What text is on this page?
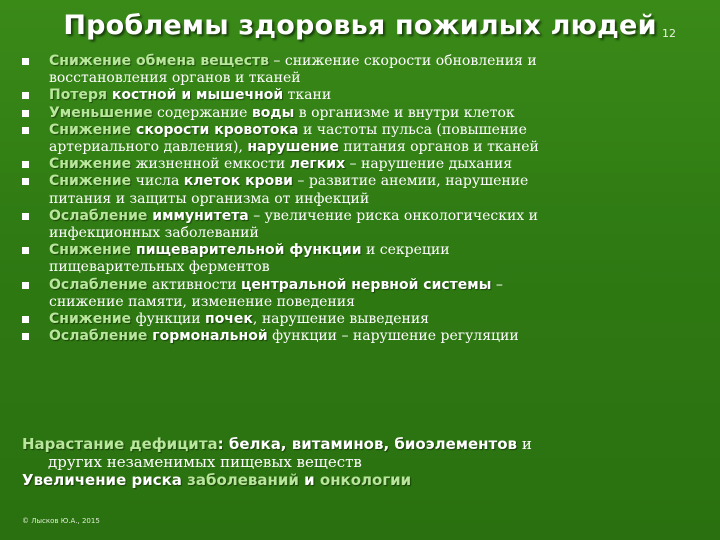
Проблемы здоровья пожилых людей 12
Снижение обмена веществ – снижение скорости обновления и
восстановления органов и тканей
Потеря костной и мышечной ткани
Уменьшение содержание воды в организме и внутри клеток
Снижение скорости кровотока и частоты пульса (повышение
артериального давления), нарушение питания органов и тканей
Снижение жизненной емкости легких – нарушение дыхания
Снижение числа клеток крови – развитие анемии, нарушение
питания и защиты организма от инфекций
Ослабление иммунитета – увеличение риска онкологических и
инфекционных заболеваний
Снижение пищеварительной функции и секреции
пищеварительных ферментов
Ослабление активности центральной нервной системы –
снижение памяти, изменение поведения
Снижение функции почек, нарушение выведения
Ослабление гормональной функции – нарушение регуляции
Нарастание дефицита: белка, витаминов, биоэлементов и
других незаменимых пищевых веществ
Увеличение риска заболеваний и онкологии
© Лысков Ю.А., 2015
